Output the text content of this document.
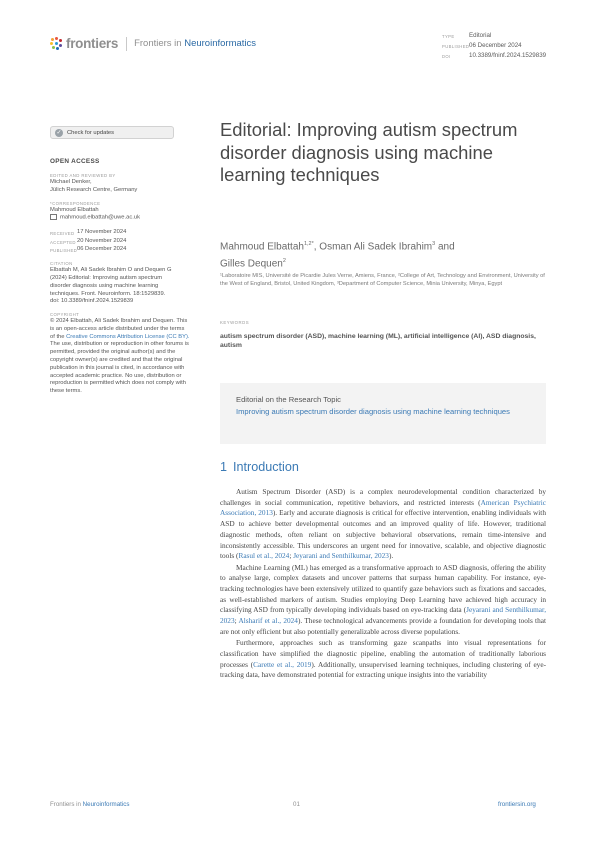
frontiers Frontiers in Neuroinformatics
TYPE	Editorial
PUBLISHED 06 December 2024
DOI	10.3389/fninf.2024.1529839
✓ Check for updates
OPEN ACCESS
EDITED AND REVIEWED BY
Michael Denker,
Jülich Research Centre, Germany
*CORRESPONDENCE
Mahmoud Elbattah
mahmoud.elbattah@uwe.ac.uk
RECEIVED 17 November 2024
ACCEPTED 20 November 2024
PUBLISHED 06 December 2024
CITATION
Elbattah M, Ali Sadek Ibrahim O and Dequen G
(2024) Editorial: Improving autism spectrum
disorder diagnosis using machine learning
techniques. Front. Neuroinform. 18:1529839.
doi: 10.3389/fninf.2024.1529839
COPYRIGHT
© 2024 Elbattah, Ali Sadek Ibrahim and Dequen. This is an open-access article distributed under the terms of the Creative Commons Attribution License (CC BY). The use, distribution or reproduction in other forums is permitted, provided the original author(s) and the copyright owner(s) are credited and that the original publication in this journal is cited, in accordance with accepted academic practice. No use, distribution or reproduction is permitted which does not comply with these terms.
Editorial: Improving autism spectrum disorder diagnosis using machine learning techniques
Mahmoud Elbattah$^{1,2*}$, Osman Ali Sadek Ibrahim$^3$ and
Gilles Dequen$^2$
¹Laboratoire MIS, Université de Picardie Jules Verne, Amiens, France, ²College of Art, Technology and Environment, University of the West of England, Bristol, United Kingdom, ³Department of Computer Science, Minia University, Minya, Egypt
KEYWORDS
autism spectrum disorder (ASD), machine learning (ML), artificial intelligence (AI), ASD diagnosis, autism
Editorial on the Research Topic
Improving autism spectrum disorder diagnosis using machine learning techniques
1 Introduction

Autism Spectrum Disorder (ASD) is a complex neurodevelopmental condition characterized by challenges in social communication, repetitive behaviors, and restricted interests (American Psychiatric Association, 2013). Early and accurate diagnosis is critical for effective intervention, enabling individuals with ASD to achieve better developmental outcomes and an improved quality of life. However, traditional diagnostic methods, often reliant on subjective behavioral observations, remain time-intensive and inconsistently accessible. This underscores an urgent need for innovative, scalable, and objective diagnostic tools (Rasul et al., 2024; Jeyarani and Senthilkumar, 2023).

Machine Learning (ML) has emerged as a transformative approach to ASD diagnosis, offering the ability to analyse large, complex datasets and uncover patterns that surpass human capability. For instance, eye-tracking technologies have been extensively utilized to quantify gaze behaviors such as fixations and saccades, as well-established markers of autism. Studies employing Deep Learning have achieved high accuracy in classifying ASD from typically developing individuals based on eye-tracking data (Jeyarani and Senthilkumar, 2023; Alsharif et al., 2024). These technological advancements provide a foundation for developing tools that are not only efficient but also potentially generalizable across diverse populations.

Furthermore, approaches such as transforming gaze scanpaths into visual representations for classification have simplified the diagnostic pipeline, enabling the automation of traditionally laborious processes (Carette et al., 2019). Additionally, unsupervised learning techniques, including clustering of eye-tracking data, have demonstrated potential for extracting unique insights into the variability

Frontiers in Neuroinformatics	01	frontiersin.org
